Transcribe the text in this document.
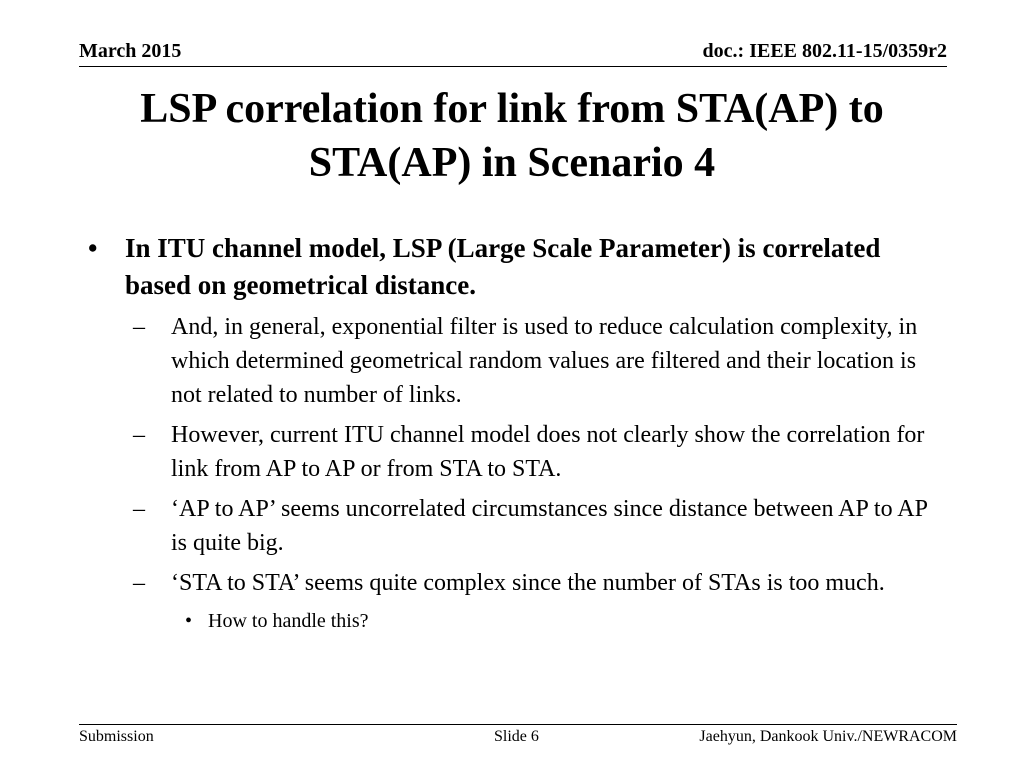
March 2015	doc.: IEEE 802.11-15/0359r2
LSP correlation for link from STA(AP) to
STA(AP) in Scenario 4
• In ITU channel model, LSP (Large Scale Parameter) is correlated based on geometrical distance.
– And, in general, exponential filter is used to reduce calculation complexity, in which determined geometrical random values are filtered and their location is not related to number of links.
– However, current ITU channel model does not clearly show the correlation for link from AP to AP or from STA to STA.
– ‘AP to AP’ seems uncorrelated circumstances since distance between AP to AP is quite big.
– ‘STA to STA’ seems quite complex since the number of STAs is too much.
• How to handle this?
Submission	Slide 6	Jaehyun, Dankook Univ./NEWRACOM
